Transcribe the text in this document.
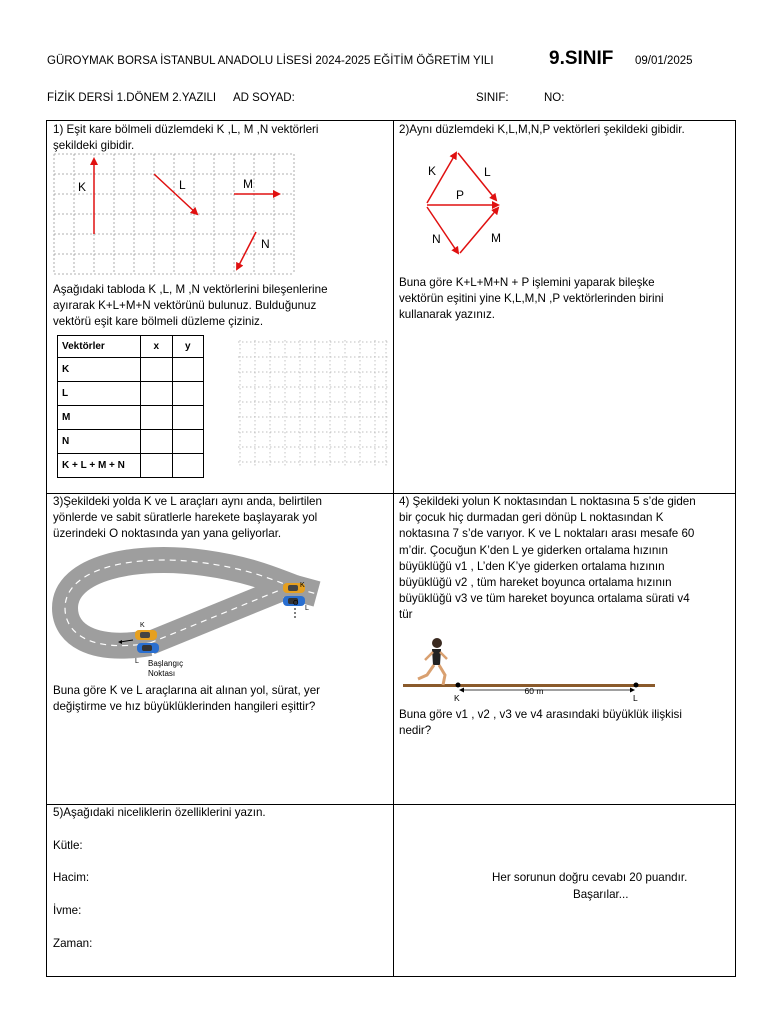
GÜROYMAK BORSA İSTANBUL ANADOLU LİSESİ 2024-2025 EĞİTİM ÖĞRETİM YILI	9.SINIF 09/01/2025
FİZİK DERSİ 1.DÖNEM 2.YAZILI AD SOYAD:	SINIF:	NO:
1) Eşit kare bölmeli düzlemdeki K ,L, M ,N vektörleri
şekildeki gibidir.
K	L	M
N
Aşağıdaki tabloda K ,L, M ,N vektörlerini bileşenlerine
ayırarak K+L+M+N vektörünü bulunuz. Bulduğunuz
vektörü eşit kare bölmeli düzleme çiziniz.
Vektörler	x	y
K		
L		
M		
N		
K + L + M + N		
2)Aynı düzlemdeki K,L,M,N,P vektörleri şekildeki gibidir.
K	L
P
N	M
Buna göre K+L+M+N + P işlemini yaparak bileşke
vektörün eşitini yine K,L,M,N ,P vektörlerinden birini
kullanarak yazınız.
3)Şekildeki yolda K ve L araçları aynı anda, belirtilen
yönlerde ve sabit süratlerle harekete başlayarak yol
üzerindeki O noktasında yan yana geliyorlar.
K
L
K
O
L
Başlangıç
Noktası
Buna göre K ve L araçlarına ait alınan yol, sürat, yer
değiştirme ve hız büyüklüklerinden hangileri eşittir?
4) Şekildeki yolun K noktasından L noktasına 5 s’de giden
bir çocuk hiç durmadan geri dönüp L noktasından K
noktasına 7 s’de varıyor. K ve L noktaları arası mesafe 60
m’dir. Çocuğun K’den L ye giderken ortalama hızının
büyüklüğü v1 , L’den K’ye giderken ortalama hızının
büyüklüğü v2 , tüm hareket boyunca ortalama hızının
büyüklüğü v3 ve tüm hareket boyunca ortalama sürati v4
tür
60 m
K	L
Buna göre v1 , v2 , v3 ve v4 arasındaki büyüklük ilişkisi
nedir?
5)Aşağıdaki niceliklerin özelliklerini yazın.
Kütle:
Hacim:
İvme:
Zaman:
Her sorunun doğru cevabı 20 puandır.
Başarılar...
